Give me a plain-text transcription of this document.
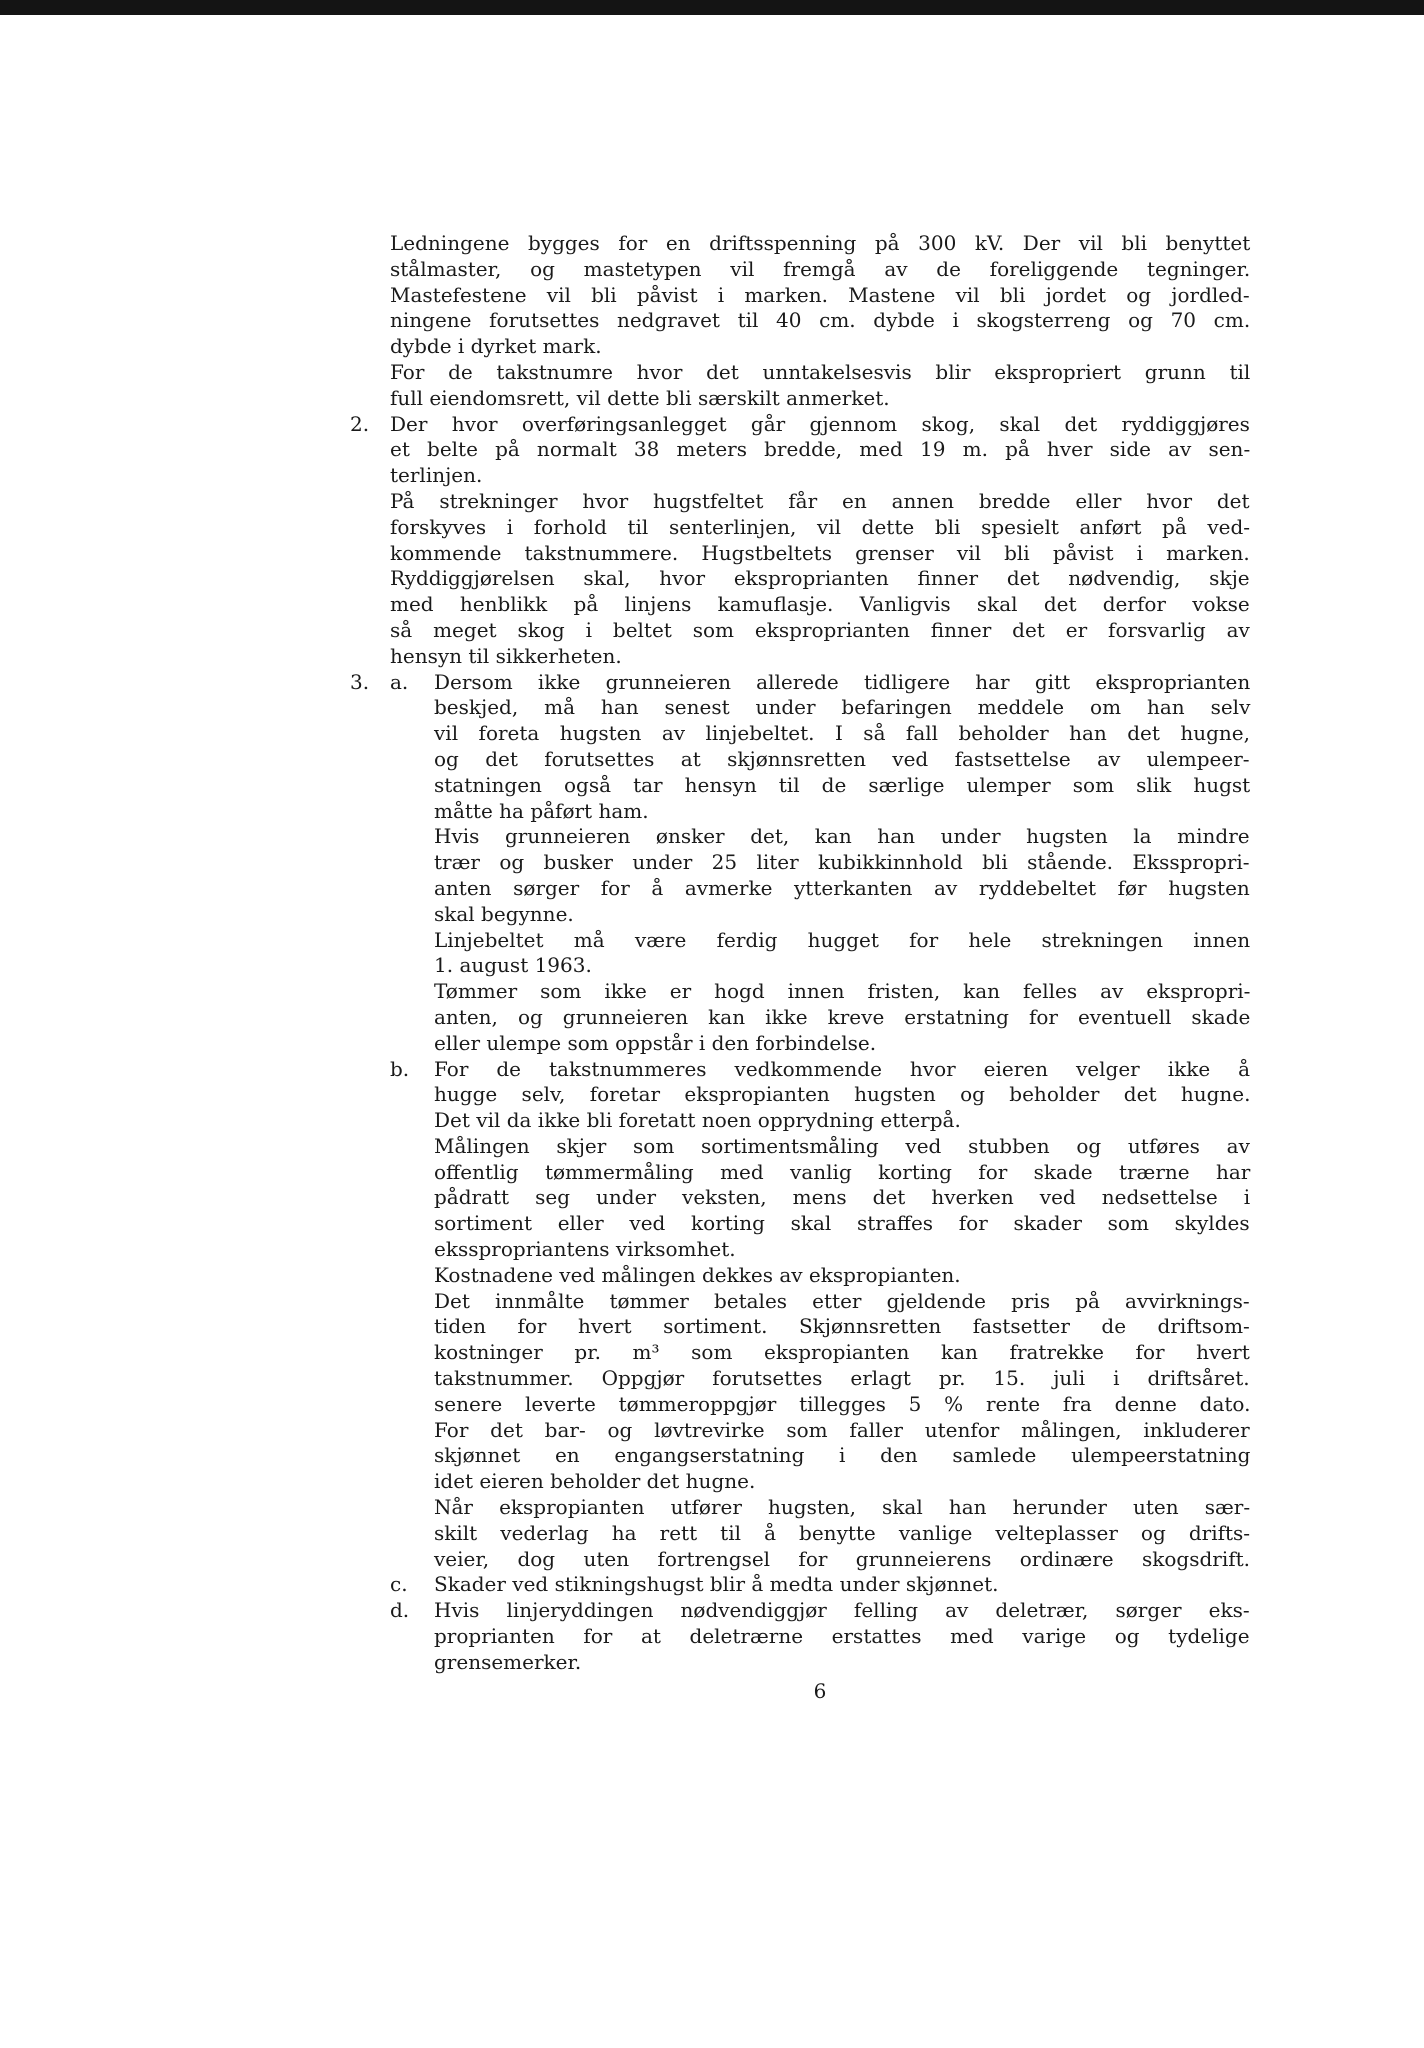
Ledningene bygges for en driftsspenning på 300 kV. Der vil bli benyttet
stålmaster, og mastetypen vil fremgå av de foreliggende tegninger.
Mastefestene vil bli påvist i marken. Mastene vil bli jordet og jordled-
ningene forutsettes nedgravet til 40 cm. dybde i skogsterreng og 70 cm.
dybde i dyrket mark.
For de takstnumre hvor det unntakelsesvis blir ekspropriert grunn til
full eiendomsrett, vil dette bli særskilt anmerket.
2. Der hvor overføringsanlegget går gjennom skog, skal det ryddiggjøres
et belte på normalt 38 meters bredde, med 19 m. på hver side av sen-
terlinjen.
På strekninger hvor hugstfeltet får en annen bredde eller hvor det
forskyves i forhold til senterlinjen, vil dette bli spesielt anført på ved-
kommende takstnummere. Hugstbeltets grenser vil bli påvist i marken.
Ryddiggjørelsen skal, hvor eksproprianten finner det nødvendig, skje
med henblikk på linjens kamuflasje. Vanligvis skal det derfor vokse
så meget skog i beltet som eksproprianten finner det er forsvarlig av
hensyn til sikkerheten.
3. a. Dersom ikke grunneieren allerede tidligere har gitt eksproprianten
beskjed, må han senest under befaringen meddele om han selv
vil foreta hugsten av linjebeltet. I så fall beholder han det hugne,
og det forutsettes at skjønnsretten ved fastsettelse av ulempeer-
statningen også tar hensyn til de særlige ulemper som slik hugst
måtte ha påført ham.
Hvis grunneieren ønsker det, kan han under hugsten la mindre
trær og busker under 25 liter kubikkinnhold bli stående. Eksspropri-
anten sørger for å avmerke ytterkanten av ryddebeltet før hugsten
skal begynne.
Linjebeltet må være ferdig hugget for hele strekningen innen
1. august 1963.
Tømmer som ikke er hogd innen fristen, kan felles av ekspropri-
anten, og grunneieren kan ikke kreve erstatning for eventuell skade
eller ulempe som oppstår i den forbindelse.
b. For de takstnummeres vedkommende hvor eieren velger ikke å
hugge selv, foretar ekspropianten hugsten og beholder det hugne.
Det vil da ikke bli foretatt noen opprydning etterpå.
Målingen skjer som sortimentsmåling ved stubben og utføres av
offentlig tømmermåling med vanlig korting for skade trærne har
pådratt seg under veksten, mens det hverken ved nedsettelse i
sortiment eller ved korting skal straffes for skader som skyldes
eksspropriantens virksomhet.
Kostnadene ved målingen dekkes av ekspropianten.
Det innmålte tømmer betales etter gjeldende pris på avvirknings-
tiden for hvert sortiment. Skjønnsretten fastsetter de driftsom-
kostninger pr. m³ som ekspropianten kan fratrekke for hvert
takstnummer. Oppgjør forutsettes erlagt pr. 15. juli i driftsåret.
senere leverte tømmeroppgjør tillegges 5 % rente fra denne dato.
For det bar- og løvtrevirke som faller utenfor målingen, inkluderer
skjønnet en engangserstatning i den samlede ulempeerstatning
idet eieren beholder det hugne.
Når ekspropianten utfører hugsten, skal han herunder uten sær-
skilt vederlag ha rett til å benytte vanlige velteplasser og drifts-
veier, dog uten fortrengsel for grunneierens ordinære skogsdrift.
c. Skader ved stikningshugst blir å medta under skjønnet.
d. Hvis linjeryddingen nødvendiggjør felling av deletrær, sørger eks-
proprianten for at deletrærne erstattes med varige og tydelige
grensemerker.
6
